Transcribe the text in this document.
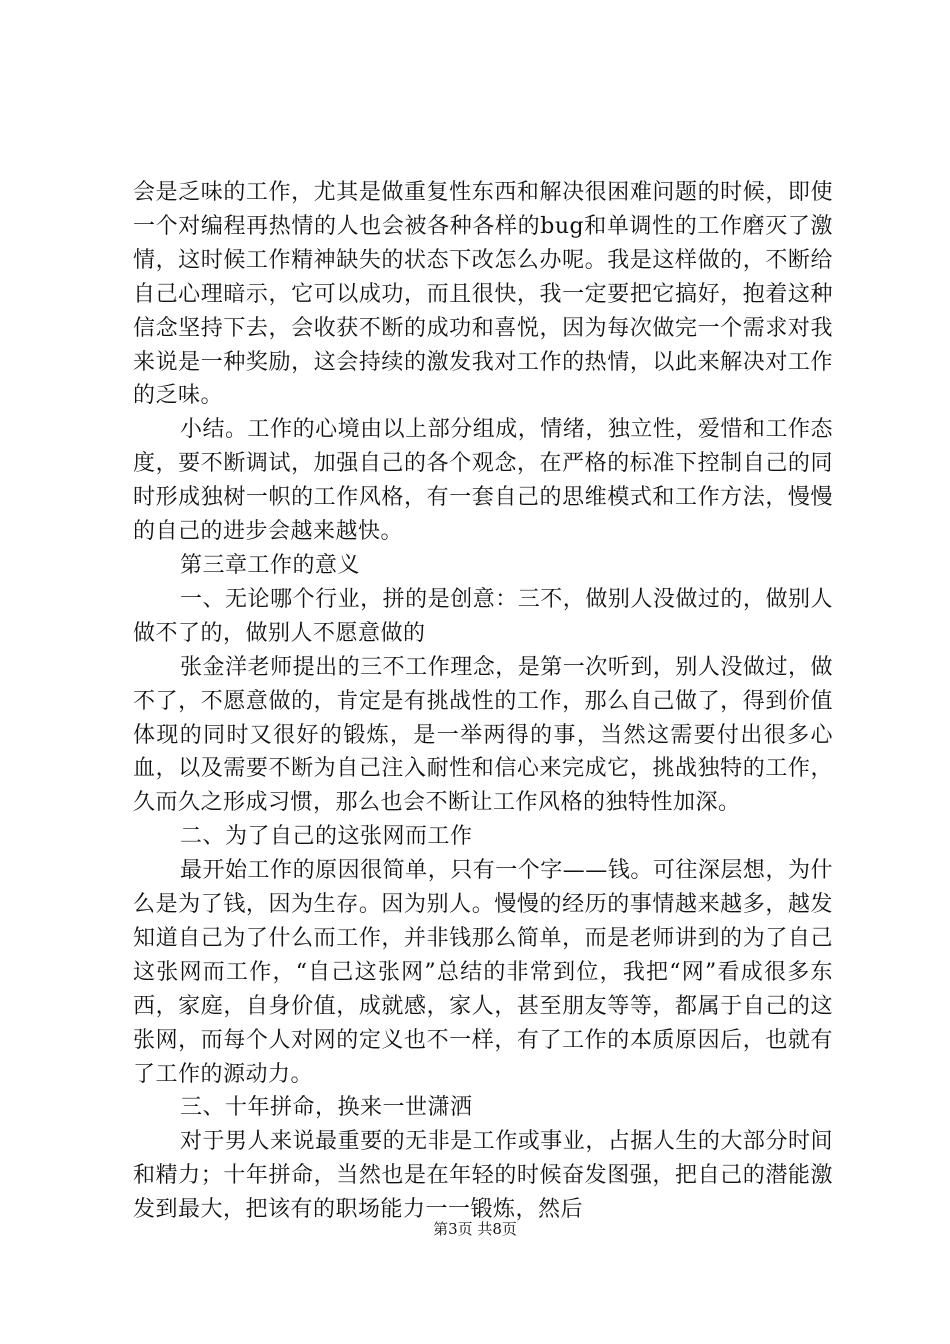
会是乏味的工作，尤其是做重复性东西和解决很困难问题的时候，即使一个对编程再热情的人也会被各种各样的bug和单调性的工作磨灭了激情，这时候工作精神缺失的状态下改怎么办呢。我是这样做的，不断给自己心理暗示，它可以成功，而且很快，我一定要把它搞好，抱着这种信念坚持下去，会收获不断的成功和喜悦，因为每次做完一个需求对我来说是一种奖励，这会持续的激发我对工作的热情，以此来解决对工作的乏味。

小结。工作的心境由以上部分组成，情绪，独立性，爱惜和工作态度，要不断调试，加强自己的各个观念，在严格的标准下控制自己的同时形成独树一帜的工作风格，有一套自己的思维模式和工作方法，慢慢的自己的进步会越来越快。

第三章工作的意义

一、无论哪个行业，拼的是创意：三不，做别人没做过的，做别人做不了的，做别人不愿意做的

张金洋老师提出的三不工作理念，是第一次听到，别人没做过，做不了，不愿意做的，肯定是有挑战性的工作，那么自己做了，得到价值体现的同时又很好的锻炼，是一举两得的事，当然这需要付出很多心血，以及需要不断为自己注入耐性和信心来完成它，挑战独特的工作，久而久之形成习惯，那么也会不断让工作风格的独特性加深。

二、为了自己的这张网而工作

最开始工作的原因很简单，只有一个字——钱。可往深层想，为什么是为了钱，因为生存。因为别人。慢慢的经历的事情越来越多，越发知道自己为了什么而工作，并非钱那么简单，而是老师讲到的为了自己这张网而工作，“自己这张网”总结的非常到位，我把“网”看成很多东西，家庭，自身价值，成就感，家人，甚至朋友等等，都属于自己的这张网，而每个人对网的定义也不一样，有了工作的本质原因后，也就有了工作的源动力。

三、十年拼命，换来一世潇洒

对于男人来说最重要的无非是工作或事业，占据人生的大部分时间和精力；十年拼命，当然也是在年轻的时候奋发图强，把自己的潜能激发到最大，把该有的职场能力一一锻炼，然后

第3页 共8页
